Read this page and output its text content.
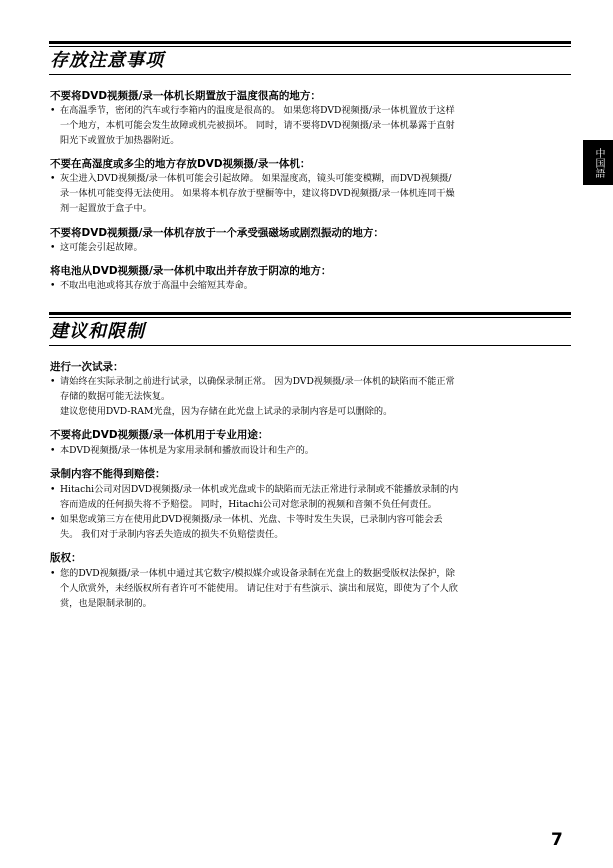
存放注意事项
不要将DVD视频摄/录一体机长期置放于温度很高的地方：
• 在高温季节，密闭的汽车或行李箱内的温度是很高的。 如果您将DVD视频摄/录一体机置放于这样
一个地方，本机可能会发生故障或机壳被损坏。 同时，请不要将DVD视频摄/录一体机暴露于直射
阳光下或置放于加热器附近。
不要在高湿度或多尘的地方存放DVD视频摄/录一体机：
• 灰尘进入DVD视频摄/录一体机可能会引起故障。 如果湿度高，镜头可能变模糊，而DVD视频摄/
录一体机可能变得无法使用。 如果将本机存放于壁橱等中，建议将DVD视频摄/录一体机连同干燥
剂一起置放于盒子中。
不要将DVD视频摄/录一体机存放于一个承受强磁场或剧烈振动的地方：
• 这可能会引起故障。
将电池从DVD视频摄/录一体机中取出并存放于阴凉的地方：
• 不取出电池或将其存放于高温中会缩短其寿命。
建议和限制
进行一次试录：
• 请始终在实际录制之前进行试录，以确保录制正常。 因为DVD视频摄/录一体机的缺陷而不能正常
存储的数据可能无法恢复。
建议您使用DVD-RAM光盘，因为存储在此光盘上试录的录制内容是可以删除的。
不要将此DVD视频摄/录一体机用于专业用途：
• 本DVD视频摄/录一体机是为家用录制和播放而设计和生产的。
录制内容不能得到赔偿：
• Hitachi公司对因DVD视频摄/录一体机或光盘或卡的缺陷而无法正常进行录制或不能播放录制的内
容而造成的任何损失将不予赔偿。 同时，Hitachi公司对您录制的视频和音频不负任何责任。
• 如果您或第三方在使用此DVD视频摄/录一体机、光盘、卡等时发生失误，已录制内容可能会丢
失。 我们对于录制内容丢失造成的损失不负赔偿责任。
版权：
• 您的DVD视频摄/录一体机中通过其它数字/模拟媒介或设备录制在光盘上的数据受版权法保护，除
个人欣赏外，未经版权所有者许可不能使用。 请记住对于有些演示、演出和展览，即使为了个人欣
赏，也是限制录制的。
中国語
7
